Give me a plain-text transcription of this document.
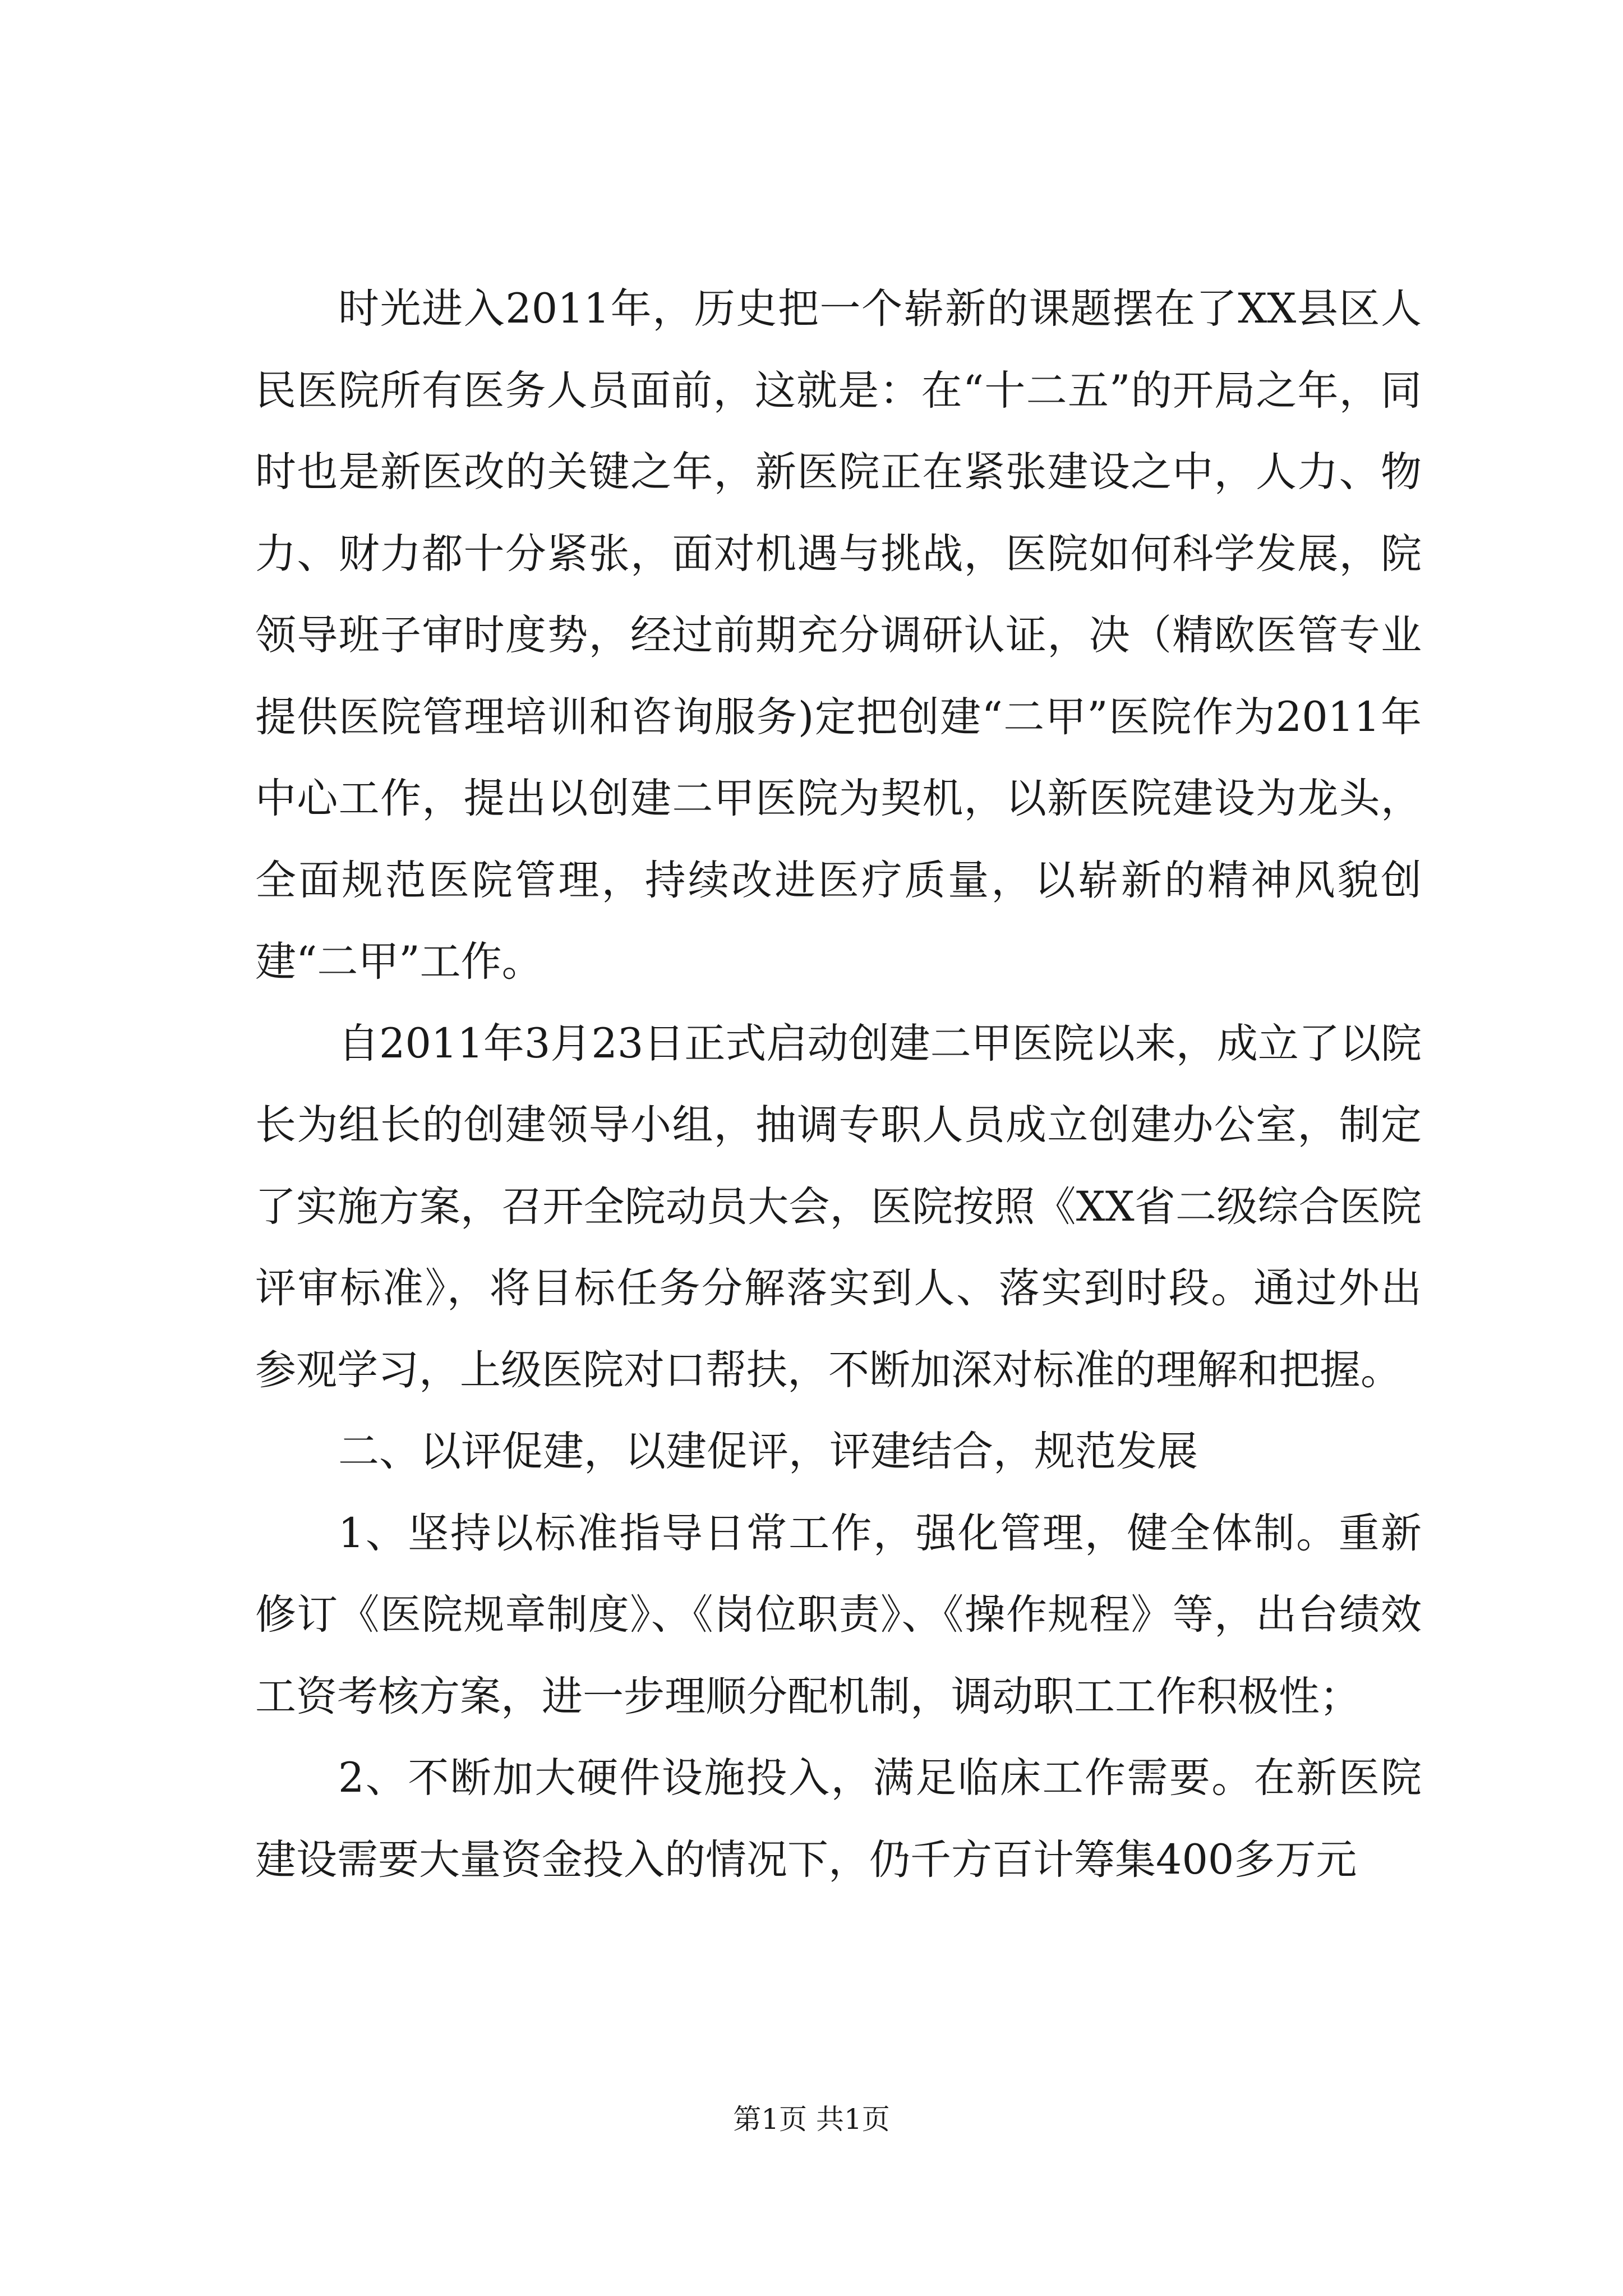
时光进入2011年，历史把一个崭新的课题摆在了XX县区人民医院所有医务人员面前，这就是：在“十二五”的开局之年，同时也是新医改的关键之年，新医院正在紧张建设之中，人力、物力、财力都十分紧张，面对机遇与挑战，医院如何科学发展，院领导班子审时度势，经过前期充分调研认证，决（精欧医管专业提供医院管理培训和咨询服务)定把创建“二甲”医院作为2011年中心工作，提出以创建二甲医院为契机，以新医院建设为龙头，全面规范医院管理，持续改进医疗质量，以崭新的精神风貌创建“二甲”工作。

自2011年3月23日正式启动创建二甲医院以来，成立了以院长为组长的创建领导小组，抽调专职人员成立创建办公室，制定了实施方案，召开全院动员大会，医院按照《XX省二级综合医院评审标准》，将目标任务分解落实到人、落实到时段。通过外出参观学习，上级医院对口帮扶，不断加深对标准的理解和把握。

二、以评促建，以建促评，评建结合，规范发展

1、坚持以标准指导日常工作，强化管理，健全体制。重新修订《医院规章制度》、《岗位职责》、《操作规程》等，出台绩效工资考核方案，进一步理顺分配机制，调动职工工作积极性；

2、不断加大硬件设施投入，满足临床工作需要。在新医院建设需要大量资金投入的情况下，仍千方百计筹集400多万元

第1页 共1页
